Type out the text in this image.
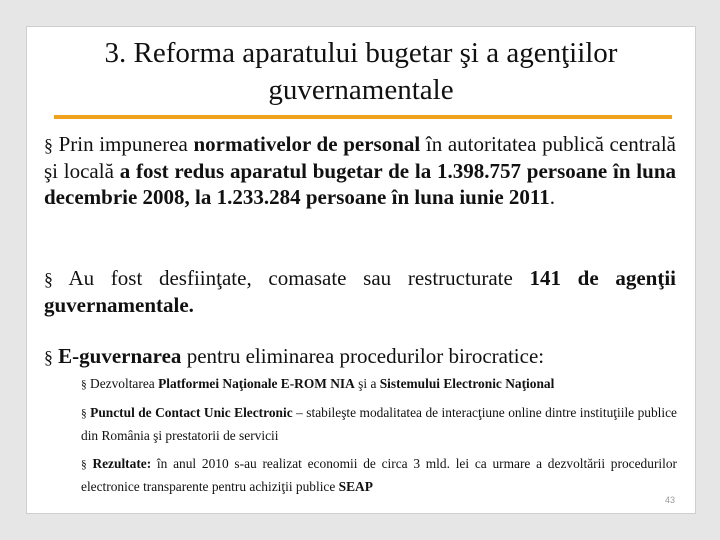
3. Reforma aparatului bugetar şi a agenţiilor
guvernamentale

§ Prin impunerea normativelor de personal în autoritatea publică centrală şi locală a fost redus aparatul bugetar de la 1.398.757 persoane în luna decembrie 2008, la 1.233.284 persoane în luna iunie 2011.

§ Au fost desfiinţate, comasate sau restructurate 141 de agenţii guvernamentale.

§ E-guvernarea pentru eliminarea procedurilor birocratice:

§ Dezvoltarea Platformei Naţionale E-ROM NIA şi a Sistemului Electronic Naţional

§ Punctul de Contact Unic Electronic – stabileşte modalitatea de interacţiune online dintre instituţiile publice din România şi prestatorii de servicii

§ Rezultate: în anul 2010 s-au realizat economii de circa 3 mld. lei ca urmare a dezvoltării procedurilor electronice transparente pentru achiziţii publice SEAP

43
